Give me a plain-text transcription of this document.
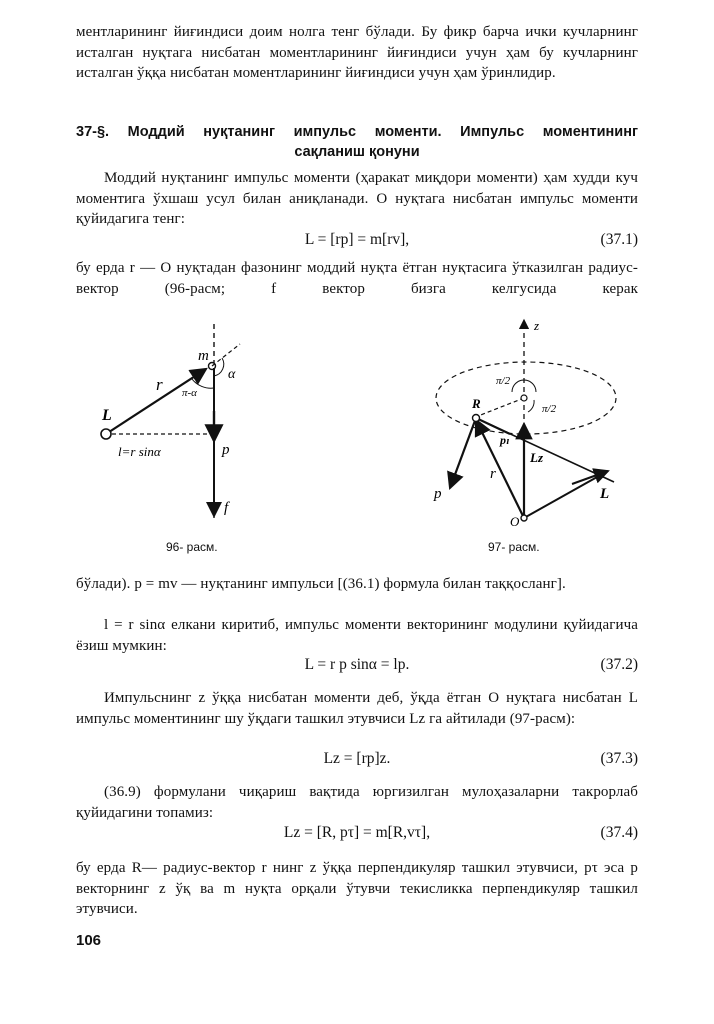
ментларининг йиғиндиси доим нолга тенг бўлади. Бу фикр барча ички кучларнинг исталган нуқтага нисбатан моментларининг йиғиндиси учун ҳам бу кучларнинг исталган ўққа нисбатан моментларининг йиғиндиси учун ҳам ўринлидир.
37-§. Моддий нуқтанинг импульс моменти. Импульс моментининг
сақланиш қонуни
Моддий нуқтанинг импульс моменти (ҳаракат миқдори моменти) ҳам худди куч моментига ўхшаш усул билан аниқланади. O нуқтага нисбатан импульс моменти қуйидагига тенг:
L = [rp] = m[rv],	(37.1)
бу ерда r — O нуқтадан фазонинг моддий нуқта ётган нуқтасига ўтказилган радиус-вектор (96-расм; f вектор бизга келгусида керак
m
r π-α
α
L
l=r sinα	p
f
96- расм.
z
π/2
π/2
R
pₗ
Lz
r
p
O
L
97- расм.
бўлади). p = mv — нуқтанинг импульси [(36.1) формула билан таққосланг].
l = r sinα елкани киритиб, импульс моменти векторининг модулини қуйидагича ёзиш мумкин:
L = r p sinα = lp.	(37.2)
Импульснинг z ўққа нисбатан моменти деб, ўқда ётган O нуқтага нисбатан L импульс моментининг шу ўқдаги ташкил этувчиси Lz га айтилади (97-расм):
Lz = [rp]z.	(37.3)
(36.9) формулани чиқариш вақтида юргизилган мулоҳазаларни такрорлаб қуйидагини топамиз:
Lz = [R, pτ] = m[R,vτ],	(37.4)
бу ерда R— радиус-вектор r нинг z ўққа перпендикуляр ташкил этувчиси, pτ эса p векторнинг z ўқ ва m нуқта орқали ўтувчи текисликка перпендикуляр ташкил этувчиси.
106
